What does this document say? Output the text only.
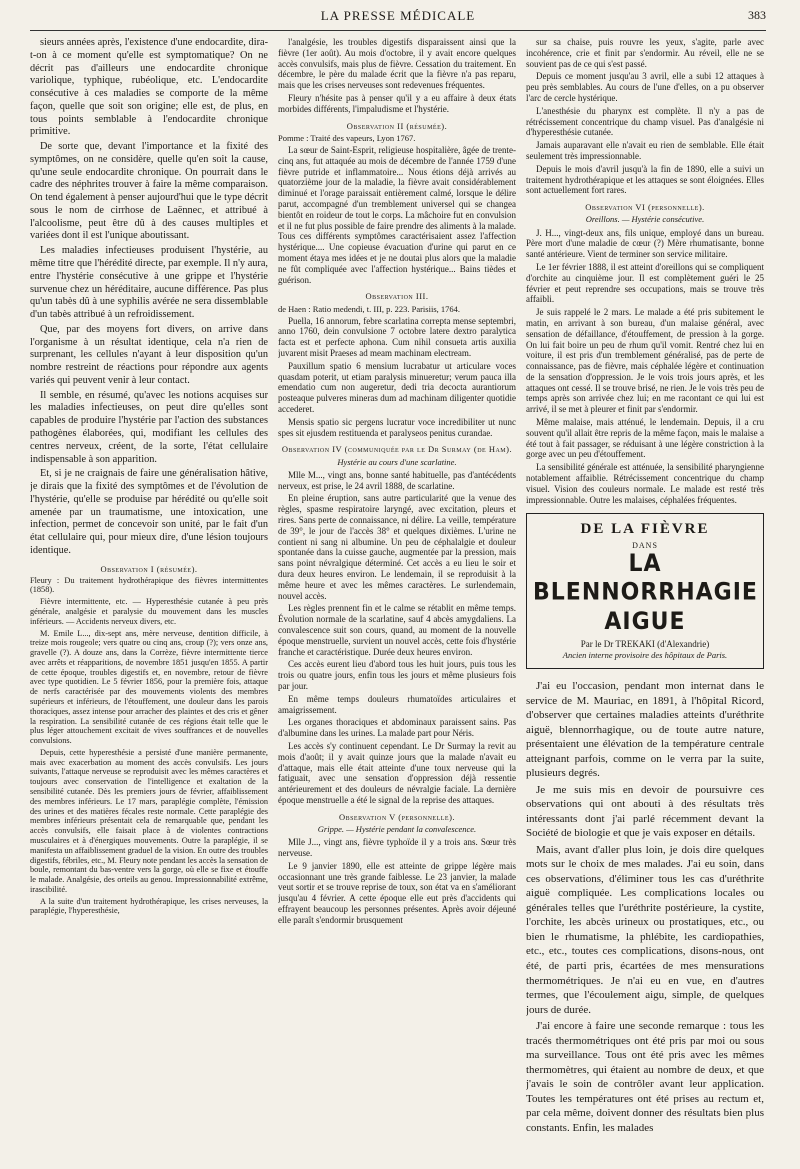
LA PRESSE MÉDICALE	383

sieurs années après, l'existence d'une endocardite, dira-t-on à ce moment qu'elle est symptomatique? On ne décrit pas d'ailleurs une endocardite chronique variolique, typhique, rubéolique, etc. L'endocardite consécutive à ces maladies se comporte de la même façon, quelle que soit son origine; elle est, de plus, en tous points semblable à l'endocardite chronique primitive.

De sorte que, devant l'importance et la fixité des symptômes, on ne considère, quelle qu'en soit la cause, qu'une seule endocardite chronique. On pourrait dans le cadre des néphrites trouver à faire la même comparaison. On tend également à penser aujourd'hui que le type décrit sous le nom de cirrhose de Laënnec, et attribué à l'alcoolisme, peut être dû à des causes multiples et variées dont il est l'unique aboutissant.

Les maladies infectieuses produisent l'hystérie, au même titre que l'hérédité directe, par exemple. Il n'y aura, entre l'hystérie consécutive à une grippe et l'hystérie survenue chez un héréditaire, aucune différence. Pas plus qu'un tabès dû à une syphilis avérée ne sera dissemblable d'un tabès attribué à un refroidissement.

Que, par des moyens fort divers, on arrive dans l'organisme à un résultat identique, cela n'a rien de surprenant, les cellules n'ayant à leur disposition qu'un nombre restreint de réactions pour répondre aux agents variés qui peuvent venir à leur contact.

Il semble, en résumé, qu'avec les notions acquises sur les maladies infectieuses, on peut dire qu'elles sont capables de produire l'hystérie par l'action des substances pathogènes élaborées, qui, modifiant les cellules des centres nerveux, créent, de la sorte, l'état cellulaire indispensable à son apparition.

Et, si je ne craignais de faire une généralisation hâtive, je dirais que la fixité des symptômes et de l'évolution de l'hystérie, qu'elle se produise par hérédité ou qu'elle soit amenée par un traumatisme, une intoxication, une infection, permet de concevoir son unité, par le fait d'un état cellulaire qui, pour mieux dire, d'une lésion toujours identique.

Observation I (résumée).

Fleury : Du traitement hydrothérapique des fièvres intermittentes (1858).

Fièvre intermittente, etc. — Hyperesthésie cutanée à peu près générale, analgésie et paralysie du mouvement dans les muscles inférieurs. — Accidents nerveux divers, etc.

M. Emile L..., dix-sept ans, mère nerveuse, dentition difficile, à treize mois rougeole; vers quatre ou cinq ans, croup (?); vers onze ans, gravelle (?). A douze ans, dans la Corrèze, fièvre intermittente tierce avec arrêts et réapparitions, de novembre 1851 jusqu'en 1855. A partir de cette époque, troubles digestifs et, en novembre, retour de fièvre avec type quotidien. Le 5 février 1856, pour la première fois, attaque de nerfs caractérisée par des mouvements violents des membres supérieurs et inférieurs, de l'étouffement, une douleur dans les parois thoraciques, assez intense pour arracher des plaintes et des cris et gêner la respiration. La sensibilité cutanée de ces régions était telle que le plus léger attouchement excitait de vives souffrances et de nouvelles convulsions.

Depuis, cette hyperesthésie a persisté d'une manière permanente, mais avec exacerbation au moment des accès convulsifs. Les jours suivants, l'attaque nerveuse se reproduisit avec les mêmes caractères et toujours avec conservation de l'intelligence et exaltation de la sensibilité cutanée. Dès les premiers jours de février, affaiblissement des membres inférieurs. Le 17 mars, paraplégie complète, l'émission des urines et des matières fécales reste normale. Cette paraplégie des membres inférieurs présentait cela de remarquable que, pendant les accès convulsifs, elle faisait place à de violentes contractions musculaires et à d'énergiques mouvements. Outre la paraplégie, il se manifesta un affaiblissement graduel de la vision. En outre des troubles digestifs, fébriles, etc., M. Fleury note pendant les accès la sensation de boule, remontant du bas-ventre vers la gorge, où elle se fixe et étouffe le malade. Analgésie, des orteils au genou. Impressionnabilité extrême, irascibilité.

A la suite d'un traitement hydrothérapique, les crises nerveuses, la paraplégie, l'hyperesthésie,

l'analgésie, les troubles digestifs disparaissent ainsi que la fièvre (1er août). Au mois d'octobre, il y avait encore quelques accès convulsifs, mais plus de fièvre. Cessation du traitement. En décembre, le père du malade écrit que la fièvre n'a pas reparu, mais que les crises nerveuses sont redevenues fréquentes.

Fleury n'hésite pas à penser qu'il y a eu affaire à deux états morbides différents, l'impaludisme et l'hystérie.

Observation II (résumée).

Pomme : Traité des vapeurs, Lyon 1767.

La sœur de Saint-Esprit, religieuse hospitalière, âgée de trente-cinq ans, fut attaquée au mois de décembre de l'année 1759 d'une fièvre putride et inflammatoire... Nous étions déjà arrivés au quatorzième jour de la maladie, la fièvre avait considérablement diminué et l'orage paraissait entièrement calmé, lorsque le délire parut, accompagné d'un tremblement universel qui se changea bientôt en roideur de tout le corps. La mâchoire fut en convulsion et il ne fut plus possible de faire prendre des aliments à la malade. Tous ces différents symptômes caractérisaient assez l'affection hystérique.... Une copieuse évacuation d'urine qui parut en ce moment étaya mes idées et je ne doutai plus alors que la maladie ne fût compliquée avec l'affection hystérique... Bains tièdes et guérison.

Observation III.

de Haen : Ratio medendi, t. III, p. 223. Parisiis, 1764.

Puella, 16 annorum, febre scarlatina correpta mense septembri, anno 1760, dein convulsione 7 octobre latere dextro paralytica facta est et perfecte aphona. Cum nihil consueta artis auxilia juvarent misit Praeses ad meam machinam electream.

Pauxillum spatio 6 mensium lucrabatur ut articulare voces quasdam poterit, ut etiam paralysis minueretur; verum pauca illa emendatio cum non augeretur, dedi tria decocta aurantiorum posteaque pulveres mineras dum ad machinam diligenter quotidie accederet.

Mensis spatio sic pergens lucratur voce incredibiliter ut nunc spes sit ejusdem restituenda et paralyseos penitus curandae.

Observation IV (communiquée par le Dr Surmay (de Ham).
Hystérie au cours d'une scarlatine.

Mlle M..., vingt ans, bonne santé habituelle, pas d'antécédents nerveux, est prise, le 24 avril 1888, de scarlatine.

En pleine éruption, sans autre particularité que la venue des règles, spasme respiratoire laryngé, avec excitation, pleurs et rires. Sans perte de connaissance, ni délire. La veille, température de 39°, le jour de l'accès 38° et quelques dixièmes. L'urine ne contient ni sang ni albumine. Un peu de céphalalgie et douleur spontanée dans la cuisse gauche, augmentée par la pression, mais sans point névralgique déterminé. Cet accès a eu lieu le soir et dura deux heures environ. Le lendemain, il se reproduisit à la même heure et avec les mêmes caractères. Le surlendemain, nouvel accès.

Les règles prennent fin et le calme se rétablit en même temps. Évolution normale de la scarlatine, sauf 4 abcès amygdaliens. La convalescence suit son cours, quand, au moment de la nouvelle époque menstruelle, survient un nouvel accès, cette fois d'hystérie franche et caractéristique. Durée deux heures environ.

Ces accès eurent lieu d'abord tous les huit jours, puis tous les trois ou quatre jours, enfin tous les jours et même plusieurs fois par jour.

En même temps douleurs rhumatoïdes articulaires et amaigrissement.

Les organes thoraciques et abdominaux paraissent sains. Pas d'albumine dans les urines. La malade part pour Néris.

Les accès s'y continuent cependant. Le Dr Surmay la revit au mois d'août; il y avait quinze jours que la malade n'avait eu d'attaque, mais elle était atteinte d'une toux nerveuse qui la fatiguait, avec une sensation d'oppression déjà ressentie antérieurement et des douleurs de névralgie faciale. La dernière époque menstruelle a été le signal de la reprise des attaques.

Observation V (personnelle).
Grippe. — Hystérie pendant la convalescence.

Mlle J..., vingt ans, fièvre typhoïde il y a trois ans. Sœur très nerveuse.

Le 9 janvier 1890, elle est atteinte de grippe légère mais occasionnant une très grande faiblesse. Le 23 janvier, la malade veut sortir et se trouve reprise de toux, son état va en s'améliorant jusqu'au 4 février. A cette époque elle eut près d'accidents qui effrayent beaucoup les personnes présentes. Après avoir déjeuné elle paraît s'endormir brusquement

sur sa chaise, puis rouvre les yeux, s'agite, parle avec incohérence, crie et finit par s'endormir. Au réveil, elle ne se souvient pas de ce qui s'est passé.

Depuis ce moment jusqu'au 3 avril, elle a subi 12 attaques à peu près semblables. Au cours de l'une d'elles, on a pu observer l'arc de cercle hystérique.

L'anesthésie du pharynx est complète. Il n'y a pas de rétrécissement concentrique du champ visuel. Pas d'analgésie ni d'hyperesthésie cutanée.

Jamais auparavant elle n'avait eu rien de semblable. Elle était seulement très impressionnable.

Depuis le mois d'avril jusqu'à la fin de 1890, elle a suivi un traitement hydrothérapique et les attaques se sont éloignées. Elles sont actuellement fort rares.

Observation VI (personnelle).
Oreillons. — Hystérie consécutive.

J. H..., vingt-deux ans, fils unique, employé dans un bureau. Père mort d'une maladie de cœur (?) Mère rhumatisante, bonne santé antérieure. Vient de terminer son service militaire.

Le 1er février 1888, il est atteint d'oreillons qui se compliquent d'orchite au cinquième jour. Il est complètement guéri le 25 février et peut reprendre ses occupations, mais se trouve très affaibli.

Je suis rappelé le 2 mars. Le malade a été pris subitement le matin, en arrivant à son bureau, d'un malaise général, avec sensation de défaillance, d'étouffement, de pression à la gorge. On lui fait boire un peu de rhum qu'il vomit. Rentré chez lui en voiture, il est pris d'un tremblement généralisé, pas de perte de connaissance, pas de fièvre, mais céphalée légère et continuation de la sensation d'oppression. Je le vois trois jours après, et les attaques ont cessé. Il se trouve brisé, ne rien. Je le vois très peu de temps après son arrivée chez lui; en me racontant ce qui lui est arrivé, il se met à pleurer et finit par s'endormir.

Même malaise, mais atténué, le lendemain. Depuis, il a cru souvent qu'il allait être repris de la même façon, mais le malaise a été tout à fait passager, se réduisant à une légère constriction à la gorge avec un peu d'étouffement.

La sensibilité générale est atténuée, la sensibilité pharyngienne notablement affaiblie. Rétrécissement concentrique du champ visuel. Vision des couleurs normale. Le malade est resté très impressionnable. Outre les malaises, céphalées fréquentes.

DE LA FIÈVRE
DANS
LA BLENNORRHAGIE AIGUE
Par le Dr TREKAKI (d'Alexandrie)
Ancien interne provisoire des hôpitaux de Paris.

J'ai eu l'occasion, pendant mon internat dans le service de M. Mauriac, en 1891, à l'hôpital Ricord, d'observer que certaines maladies atteints d'uréthrite aiguë, blennorrhagique, ou de toute autre nature, présentaient une élévation de la température centrale atteignant parfois, comme on le verra par la suite, plusieurs degrés.

Je me suis mis en devoir de poursuivre ces observations qui ont abouti à des résultats très intéressants dont j'ai parlé récemment devant la Société de biologie et que je vais exposer en détails.

Mais, avant d'aller plus loin, je dois dire quelques mots sur le choix de mes malades. J'ai eu soin, dans ces observations, d'éliminer tous les cas d'uréthrite aiguë compliquée. Les complications locales ou générales telles que l'uréthrite postérieure, la cystite, l'orchite, les abcès urineux ou prostatiques, etc., ou bien le rhumatisme, la phlébite, les cardiopathies, etc., etc., toutes ces complications, disons-nous, ont été, de parti pris, écartées de mes mensurations thermométriques. Je n'ai eu en vue, en d'autres termes, que l'écoulement aigu, simple, de quelques jours de durée.

J'ai encore à faire une seconde remarque : tous les tracés thermométriques ont été pris par moi ou sous ma surveillance. Tous ont été pris avec les mêmes thermomètres, qui étaient au nombre de deux, et que j'avais le soin de contrôler avant leur application. Toutes les températures ont été prises au rectum et, par cela même, doivent donner des résultats bien plus constants. Enfin, les malades
